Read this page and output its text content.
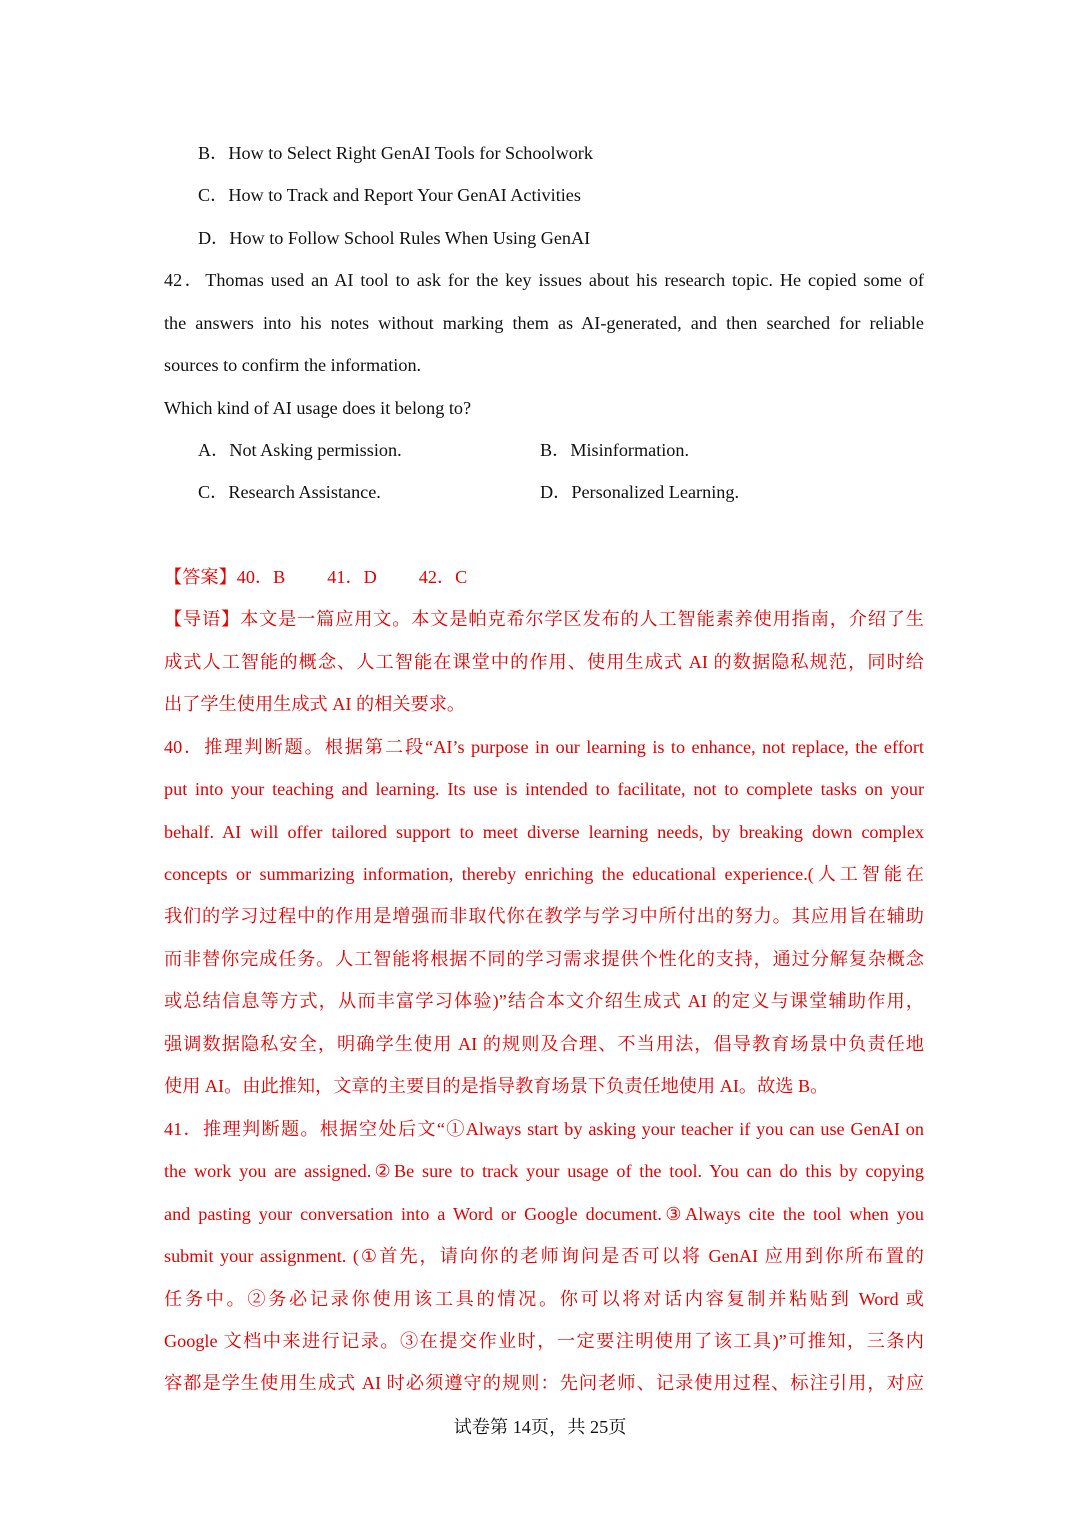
B．How to Select Right GenAI Tools for Schoolwork
C．How to Track and Report Your GenAI Activities
D．How to Follow School Rules When Using GenAI
42．Thomas used an AI tool to ask for the key issues about his research topic. He copied some of
the answers into his notes without marking them as AI-generated, and then searched for reliable
sources to confirm the information.
Which kind of AI usage does it belong to?
A．Not Asking permission.	B．Misinformation.
C．Research Assistance.	D．Personalized Learning.
【答案】40．B 41．D 42．C
【导语】本文是一篇应用文。本文是帕克希尔学区发布的人工智能素养使用指南，介绍了生
成式人工智能的概念、人工智能在课堂中的作用、使用生成式 AI 的数据隐私规范，同时给
出了学生使用生成式 AI 的相关要求。
40．推理判断题。根据第二段“AI’s purpose in our learning is to enhance, not replace, the effort
put into your teaching and learning. Its use is intended to facilitate, not to complete tasks on your
behalf. AI will offer tailored support to meet diverse learning needs, by breaking down complex
concepts or summarizing information, thereby enriching the educational experience.(人工智能在
我们的学习过程中的作用是增强而非取代你在教学与学习中所付出的努力。其应用旨在辅助
而非替你完成任务。人工智能将根据不同的学习需求提供个性化的支持，通过分解复杂概念
或总结信息等方式，从而丰富学习体验)”结合本文介绍生成式 AI 的定义与课堂辅助作用，
强调数据隐私安全，明确学生使用 AI 的规则及合理、不当用法，倡导教育场景中负责任地
使用 AI。由此推知，文章的主要目的是指导教育场景下负责任地使用 AI。故选 B。
41．推理判断题。根据空处后文“①Always start by asking your teacher if you can use GenAI on
the work you are assigned.②Be sure to track your usage of the tool. You can do this by copying
and pasting your conversation into a Word or Google document.③Always cite the tool when you
submit your assignment. (①首先，请向你的老师询问是否可以将 GenAI 应用到你所布置的
任务中。②务必记录你使用该工具的情况。你可以将对话内容复制并粘贴到 Word 或
Google 文档中来进行记录。③在提交作业时，一定要注明使用了该工具)”可推知，三条内
容都是学生使用生成式 AI 时必须遵守的规则：先问老师、记录使用过程、标注引用，对应
试卷第 14页，共 25页
